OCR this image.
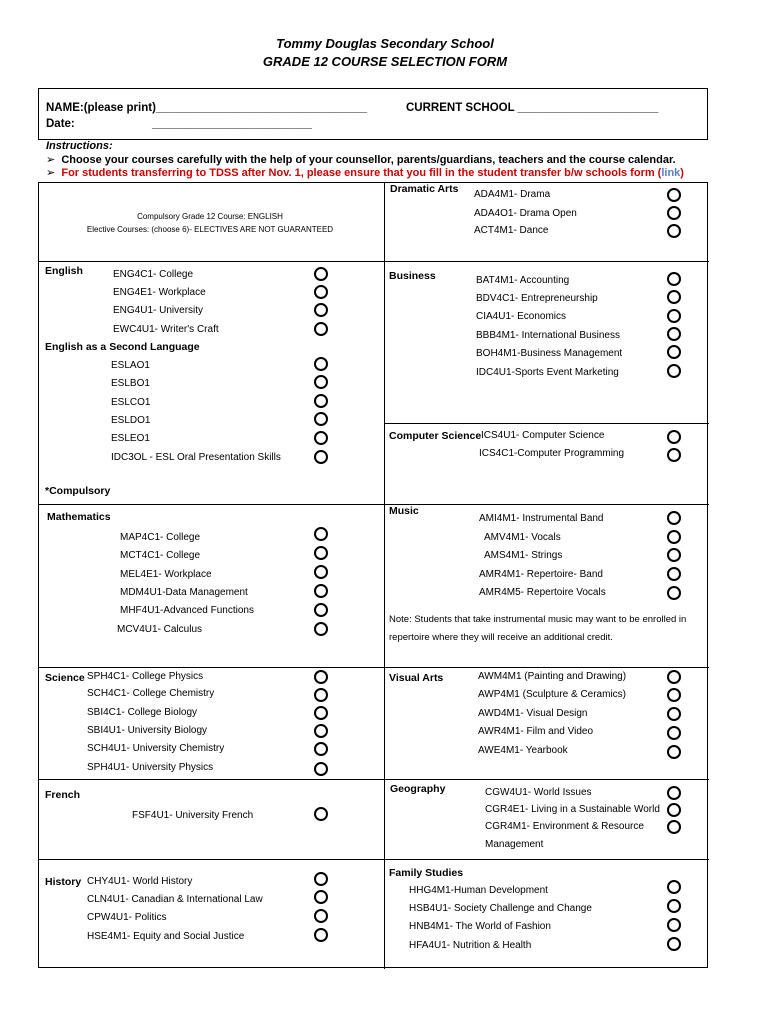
Tommy Douglas Secondary School
GRADE 12 COURSE SELECTION FORM
NAME:(please print)_________________________________	CURRENT SCHOOL ______________________
Date:	_________________________
Instructions:
➢ Choose your courses carefully with the help of your counsellor, parents/guardians, teachers and the course calendar.
➢ For students transferring to TDSS after Nov. 1, please ensure that you fill in the student transfer b/w schools form (link)
Compulsory Grade 12 Course: ENGLISH
Elective Courses: (choose 6)- ELECTIVES ARE NOT GUARANTEED
English	ENG4C1- College
ENG4E1- Workplace
ENG4U1- University
EWC4U1- Writer's Craft
English as a Second Language
ESLAO1
ESLBO1
ESLCO1
ESLDO1
ESLEO1
IDC3OL - ESL Oral Presentation Skills
*Compulsory
Mathematics
MAP4C1- College
MCT4C1- College
MEL4E1- Workplace
MDM4U1-Data Management
MHF4U1-Advanced Functions
MCV4U1- Calculus
Science SPH4C1- College Physics
SCH4C1- College Chemistry
SBI4C1- College Biology
SBI4U1- University Biology
SCH4U1- University Chemistry
SPH4U1- University Physics
French
FSF4U1- University French
History CHY4U1- World History
CLN4U1- Canadian & International Law
CPW4U1- Politics
HSE4M1- Equity and Social Justice
Dramatic Arts ADA4M1- Drama
ADA4O1- Drama Open
ACT4M1- Dance
Business	BAT4M1- Accounting
BDV4C1- Entrepreneurship
CIA4U1- Economics
BBB4M1- International Business
BOH4M1-Business Management
IDC4U1-Sports Event Marketing
Computer Science ICS4U1- Computer Science
ICS4C1-Computer Programming
Music
AMI4M1- Instrumental Band
AMV4M1- Vocals
AMS4M1- Strings
AMR4M1- Repertoire- Band
AMR4M5- Repertoire Vocals
Note: Students that take instrumental music may want to be enrolled in repertoire where they will receive an additional credit.
Visual Arts	AWM4M1 (Painting and Drawing)
AWP4M1 (Sculpture & Ceramics)
AWD4M1- Visual Design
AWR4M1- Film and Video
AWE4M1- Yearbook
Geography	CGW4U1- World Issues
CGR4E1- Living in a Sustainable World
CGR4M1- Environment & Resource
Management
Family Studies
HHG4M1-Human Development
HSB4U1- Society Challenge and Change
HNB4M1- The World of Fashion
HFA4U1- Nutrition & Health
